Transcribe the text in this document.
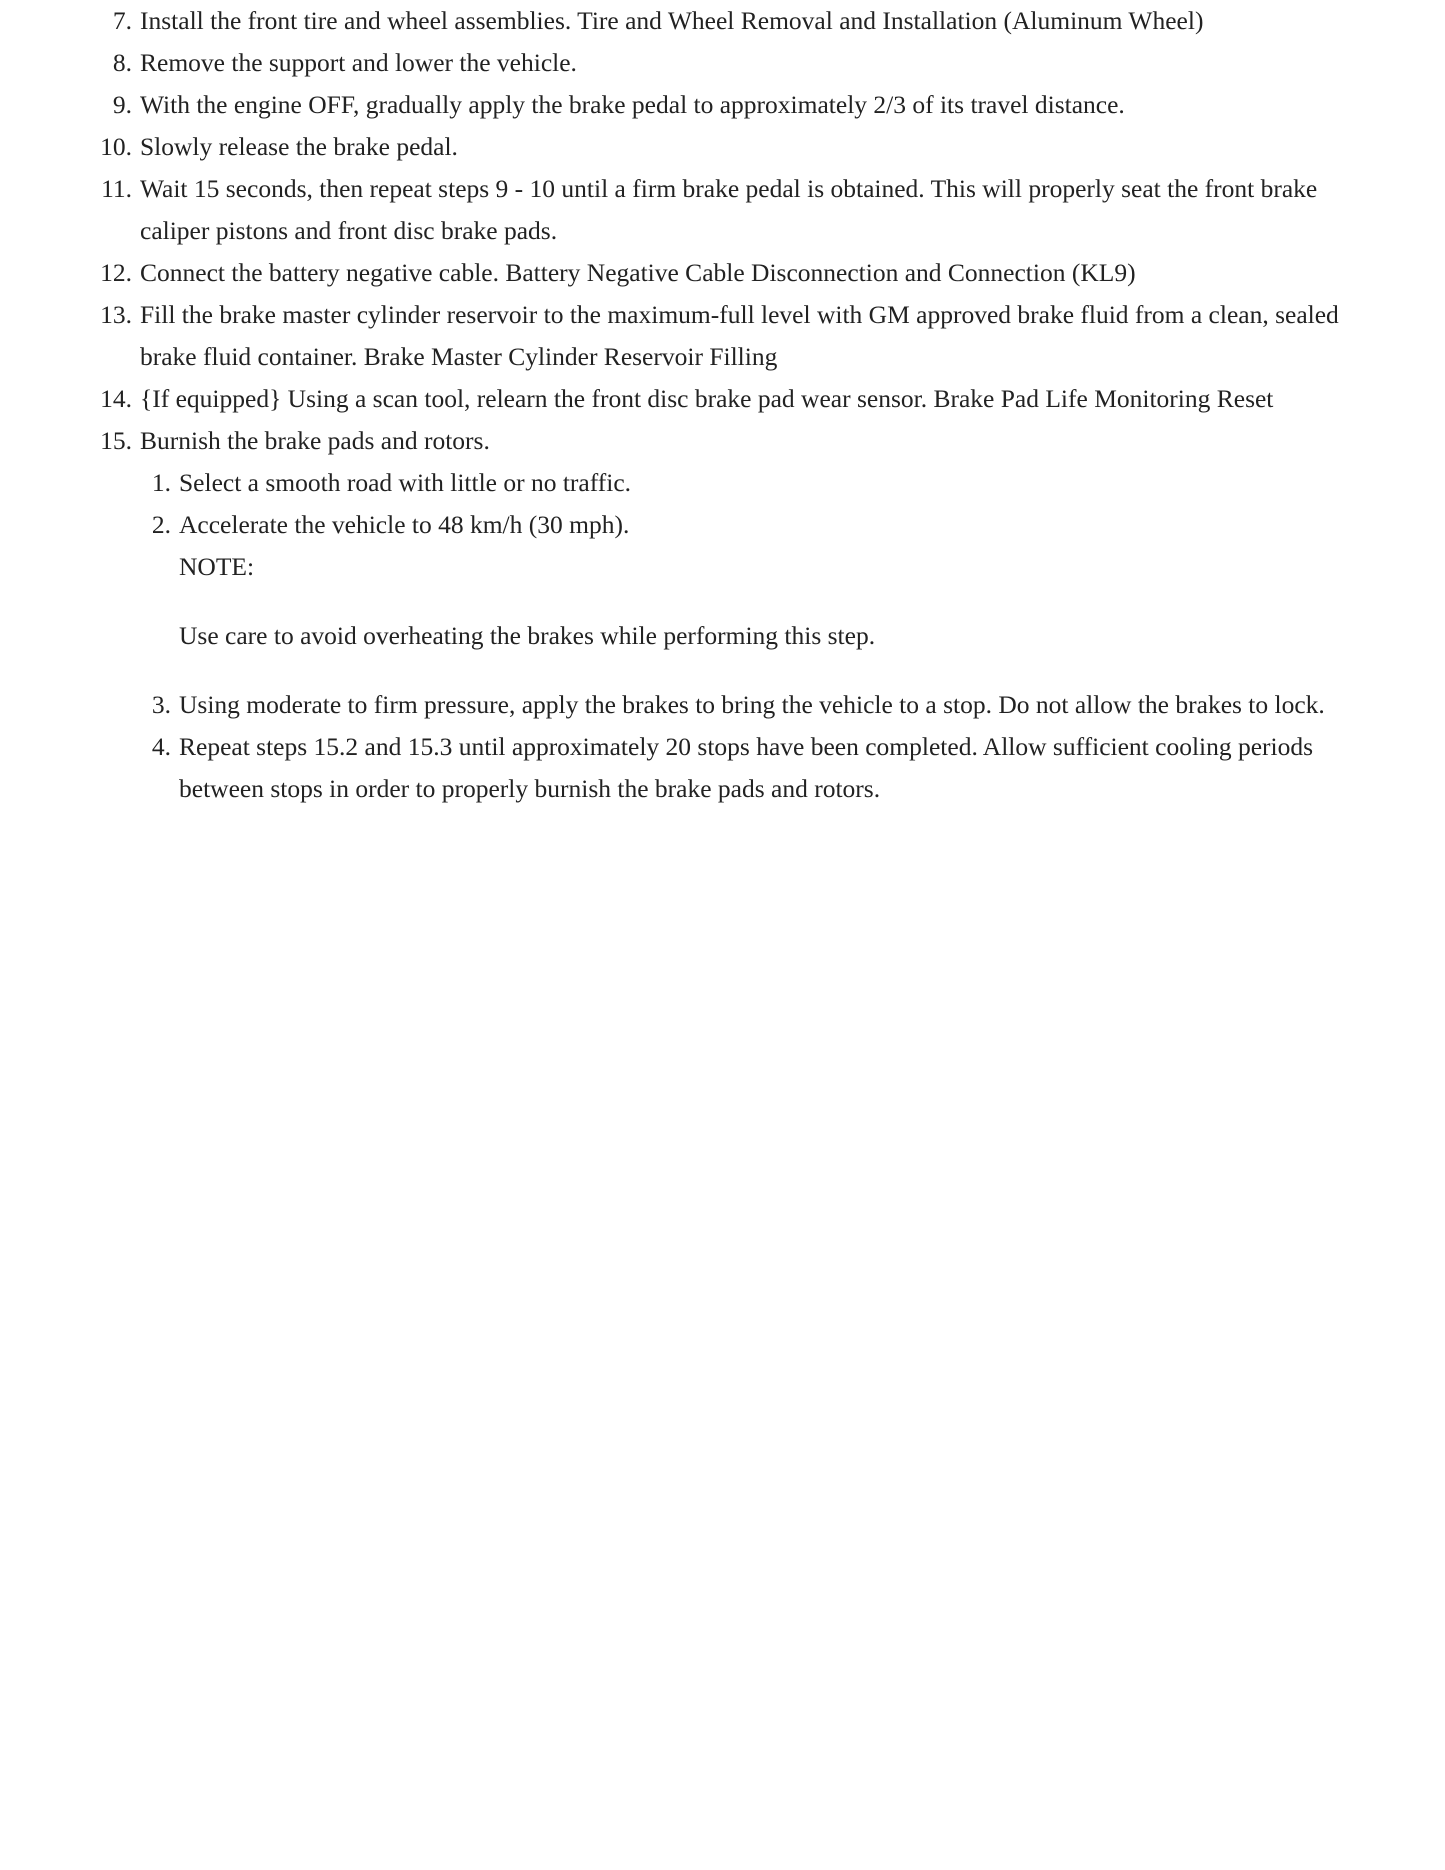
7. Install the front tire and wheel assemblies. Tire and Wheel Removal and Installation (Aluminum Wheel)
8. Remove the support and lower the vehicle.
9. With the engine OFF, gradually apply the brake pedal to approximately 2/3 of its travel distance.
10. Slowly release the brake pedal.
11. Wait 15 seconds, then repeat steps 9 - 10 until a firm brake pedal is obtained. This will properly seat the front brake caliper pistons and front disc brake pads.
12. Connect the battery negative cable. Battery Negative Cable Disconnection and Connection (KL9)
13. Fill the brake master cylinder reservoir to the maximum-full level with GM approved brake fluid from a clean, sealed brake fluid container. Brake Master Cylinder Reservoir Filling
14. {If equipped} Using a scan tool, relearn the front disc brake pad wear sensor. Brake Pad Life Monitoring Reset
15. Burnish the brake pads and rotors.
1. Select a smooth road with little or no traffic.
2. Accelerate the vehicle to 48 km/h (30 mph).
NOTE:
Use care to avoid overheating the brakes while performing this step.
3. Using moderate to firm pressure, apply the brakes to bring the vehicle to a stop. Do not allow the brakes to lock.
4. Repeat steps 15.2 and 15.3 until approximately 20 stops have been completed. Allow sufficient cooling periods between stops in order to properly burnish the brake pads and rotors.
